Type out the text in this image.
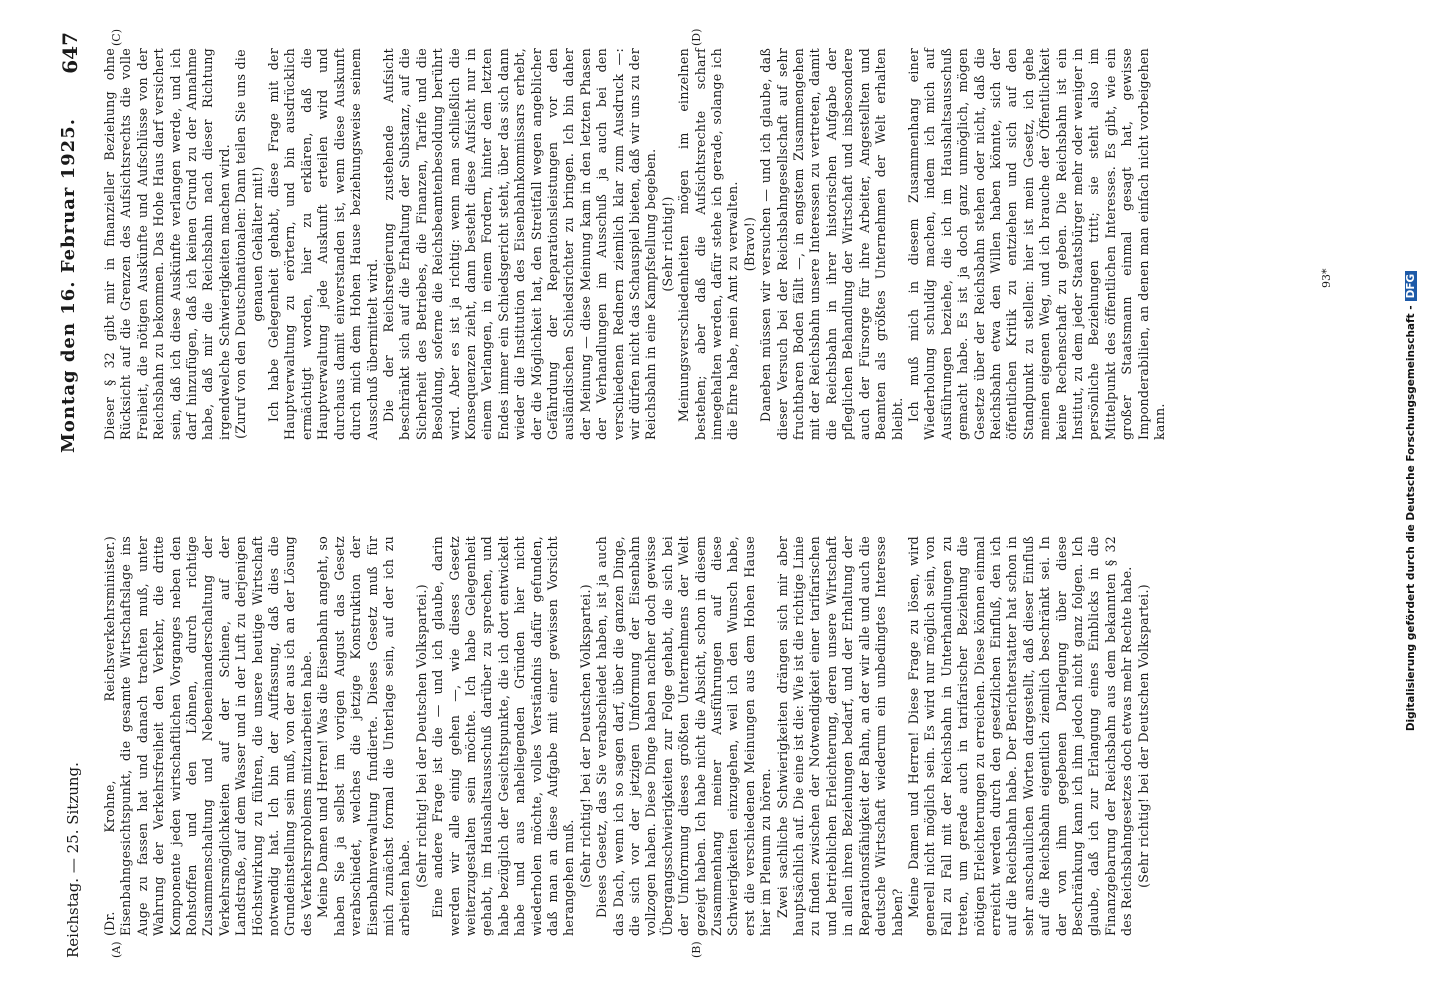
Reichstag. — 25. Sitzung.
Montag den 16. Februar 1925.
647
(A)	(B)
(C)	(D)

(Dr. Krohne, Reichsverkehrsminister.) Eisenbahngesichtspunkt, die gesamte Wirtschaftslage ins Auge zu fassen hat und danach trachten muß, unter Wahrung der Verkehrsfreiheit den Verkehr, die dritte Komponente jeden wirtschaftlichen Vorganges neben den Rohstoffen und den Löhnen, durch richtige Zusammenschaltung und Nebeneinanderschaltung der Verkehrsmöglichkeiten auf der Schiene, auf der Landstraße, auf dem Wasser und in der Luft zu derjenigen Höchstwirkung zu führen, die unsere heutige Wirtschaft notwendig hat. Ich bin der Auffassung, daß dies die Grundeinstellung sein muß, von der aus ich an der Lösung des Verkehrsproblems mitzuarbeiten habe. Meine Damen und Herren! Was die Eisenbahn angeht, so haben Sie ja selbst im vorigen August das Gesetz verabschiedet, welches die jetzige Konstruktion der Eisenbahnverwaltung fundierte. Dieses Gesetz muß für mich zunächst formal die Unterlage sein, auf der ich zu arbeiten habe. (Sehr richtig! bei der Deutschen Volkspartei.) Eine andere Frage ist die — und ich glaube, darin werden wir alle einig gehen —, wie dieses Gesetz weiterzugestalten sein möchte. Ich habe Gelegenheit gehabt, im Haushaltsausschuß darüber zu sprechen, und habe bezüglich der Gesichtspunkte, die ich dort entwickelt habe und aus naheliegenden Gründen hier nicht wiederholen möchte, volles Verständnis dafür gefunden, daß man an diese Aufgabe mit einer gewissen Vorsicht herangehen muß. (Sehr richtig! bei der Deutschen Volkspartei.) Dieses Gesetz, das Sie verabschiedet haben, ist ja auch das Dach, wenn ich so sagen darf, über die ganzen Dinge, die sich vor der jetzigen Umformung der Eisenbahn vollzogen haben. Diese Dinge haben nachher doch gewisse Übergangsschwierigkeiten zur Folge gehabt, die sich bei der Umformung dieses größten Unternehmens der Welt gezeigt haben. Ich habe nicht die Absicht, schon in diesem Zusammenhang meiner Ausführungen auf diese Schwierigkeiten einzugehen, weil ich den Wunsch habe, erst die verschiedenen Meinungen aus dem Hohen Hause hier im Plenum zu hören. Zwei sachliche Schwierigkeiten drängen sich mir aber hauptsächlich auf. Die eine ist die: Wie ist die richtige Linie zu finden zwischen der Notwendigkeit einer tarifarischen und betrieblichen Erleichterung, deren unsere Wirtschaft in allen ihren Beziehungen bedarf, und der Erhaltung der Reparationsfähigkeit der Bahn, an der wir alle und auch die deutsche Wirtschaft wiederum ein unbedingtes Interesse haben? Meine Damen und Herren! Diese Frage zu lösen, wird generell nicht möglich sein. Es wird nur möglich sein, von Fall zu Fall mit der Reichsbahn in Unterhandlungen zu treten, um gerade auch in tarifarischer Beziehung die nötigen Erleichterungen zu erreichen. Diese können einmal erreicht werden durch den gesetzlichen Einfluß, den ich auf die Reichsbahn habe. Der Berichterstatter hat schon in sehr anschaulichen Worten dargestellt, daß dieser Einfluß auf die Reichsbahn eigentlich ziemlich beschränkt sei. In der von ihm gegebenen Darlegung über diese Beschränkung kann ich ihm jedoch nicht ganz folgen. Ich glaube, daß ich zur Erlangung eines Einblicks in die Finanzgebarung der Reichsbahn aus dem bekannten § 32 des Reichsbahngesetzes doch etwas mehr Rechte habe. (Sehr richtig! bei der Deutschen Volkspartei.)

Dieser § 32 gibt mir in finanzieller Beziehung ohne Rücksicht auf die Grenzen des Aufsichtsrechts die volle Freiheit, die nötigen Auskünfte und Aufschlüsse von der Reichsbahn zu bekommen. Das Hohe Haus darf versichert sein, daß ich diese Auskünfte verlangen werde, und ich darf hinzufügen, daß ich keinen Grund zu der Annahme habe, daß mir die Reichsbahn nach dieser Richtung irgendwelche Schwierigkeiten machen wird. (Zuruf von den Deutschnationalen: Dann teilen Sie uns die genauen Gehälter mit!) Ich habe Gelegenheit gehabt, diese Frage mit der Hauptverwaltung zu erörtern, und bin ausdrücklich ermächtigt worden, hier zu erklären, daß die Hauptverwaltung jede Auskunft erteilen wird und durchaus damit einverstanden ist, wenn diese Auskunft durch mich dem Hohen Hause beziehungsweise seinem Ausschuß übermittelt wird. Die der Reichsregierung zustehende Aufsicht beschränkt sich auf die Erhaltung der Substanz, auf die Sicherheit des Betriebes, die Finanzen, Tarife und die Besoldung, soferne die Reichsbeamtenbesoldung berührt wird. Aber es ist ja richtig: wenn man schließlich die Konsequenzen zieht, dann besteht diese Aufsicht nur in einem Verlangen, in einem Fordern, hinter dem letzten Endes immer ein Schiedsgericht steht, über das sich dann wieder die Institution des Eisenbahnkommissars erhebt, der die Möglichkeit hat, den Streitfall wegen angeblicher Gefährdung der Reparationsleistungen vor den ausländischen Schiedsrichter zu bringen. Ich bin daher der Meinung — diese Meinung kam in den letzten Phasen der Verhandlungen im Ausschuß ja auch bei den verschiedenen Rednern ziemlich klar zum Ausdruck —: wir dürfen nicht das Schauspiel bieten, daß wir uns zu der Reichsbahn in eine Kampfstellung begeben. (Sehr richtig!) Meinungsverschiedenheiten mögen im einzelnen bestehen; aber daß die Aufsichtsrechte scharf innegehalten werden, dafür stehe ich gerade, solange ich die Ehre habe, mein Amt zu verwalten. (Bravo!) Daneben müssen wir versuchen — und ich glaube, daß dieser Versuch bei der Reichsbahngesellschaft auf sehr fruchtbaren Boden fällt —, in engstem Zusammengehen mit der Reichsbahn unsere Interessen zu vertreten, damit die Reichsbahn in ihrer historischen Aufgabe der pfleglichen Behandlung der Wirtschaft und insbesondere auch der Fürsorge für ihre Arbeiter, Angestellten und Beamten als größtes Unternehmen der Welt erhalten bleibt. Ich muß mich in diesem Zusammenhang einer Wiederholung schuldig machen, indem ich mich auf Ausführungen beziehe, die ich im Haushaltsausschuß gemacht habe. Es ist ja doch ganz unmöglich, mögen Gesetze über der Reichsbahn stehen oder nicht, daß die Reichsbahn etwa den Willen haben könnte, sich der öffentlichen Kritik zu entziehen und sich auf den Standpunkt zu stellen: hier ist mein Gesetz, ich gehe meinen eigenen Weg, und ich brauche der Öffentlichkeit keine Rechenschaft zu geben. Die Reichsbahn ist ein Institut, zu dem jeder Staatsbürger mehr oder weniger in persönliche Beziehungen tritt; sie steht also im Mittelpunkt des öffentlichen Interesses. Es gibt, wie ein großer Staatsmann einmal gesagt hat, gewisse Imponderabilien, an denen man einfach nicht vorbeigehen kann.

93*
Digitalisierung gefördert durch die Deutsche Forschungsgemeinschaft -DFG
